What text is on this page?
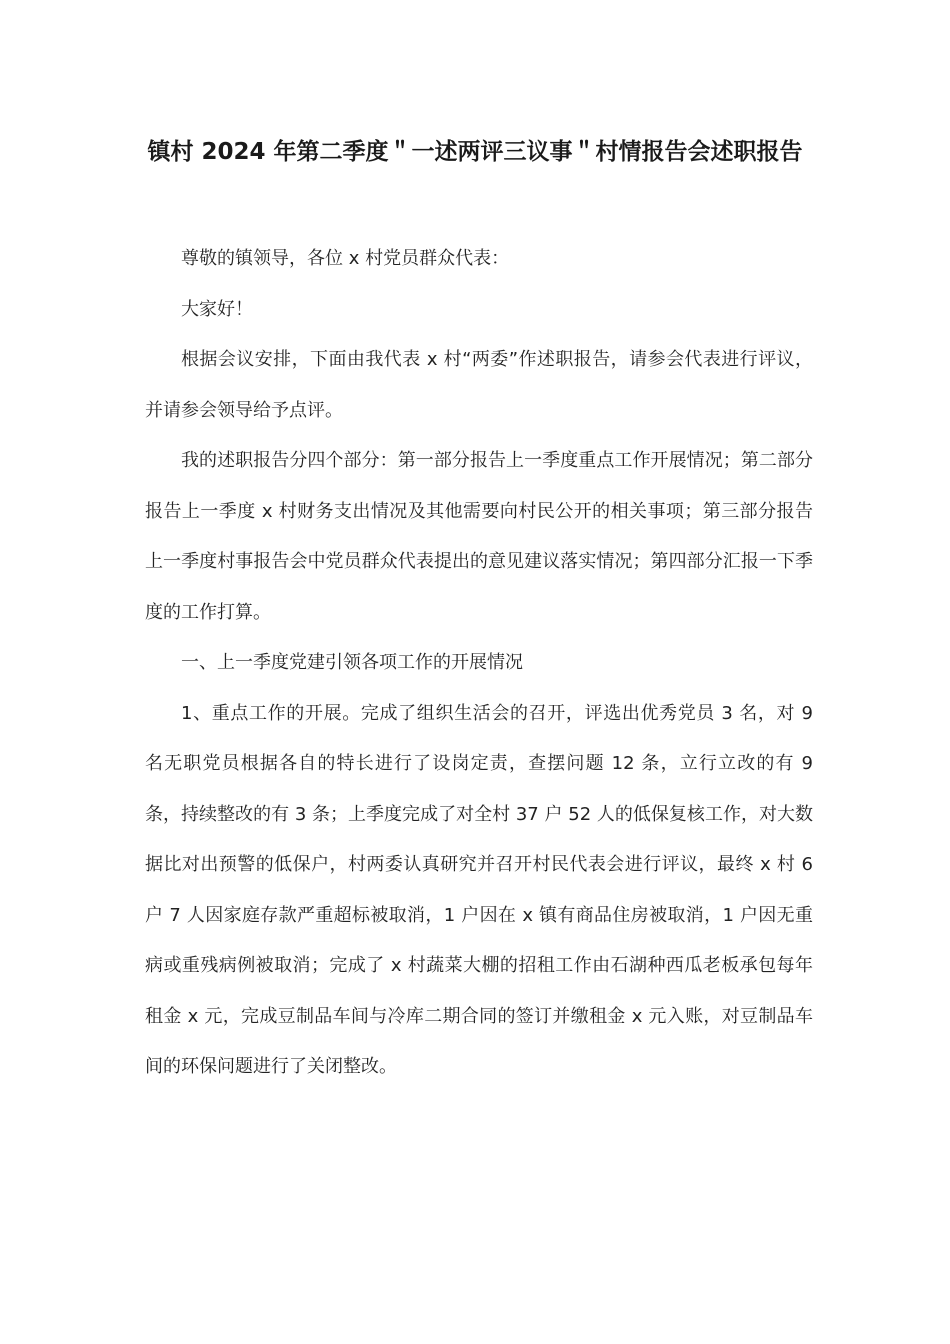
镇村 2024 年第二季度＂一述两评三议事＂村情报告会述职报告

尊敬的镇领导，各位 x 村党员群众代表：

大家好！

根据会议安排，下面由我代表 x 村“两委”作述职报告，请参会代表进行评议，并请参会领导给予点评。

我的述职报告分四个部分：第一部分报告上一季度重点工作开展情况；第二部分报告上一季度 x 村财务支出情况及其他需要向村民公开的相关事项；第三部分报告上一季度村事报告会中党员群众代表提出的意见建议落实情况；第四部分汇报一下季度的工作打算。

一、上一季度党建引领各项工作的开展情况

1、重点工作的开展。完成了组织生活会的召开，评选出优秀党员 3 名，对 9 名无职党员根据各自的特长进行了设岗定责，查摆问题 12 条，立行立改的有 9 条，持续整改的有 3 条；上季度完成了对全村 37 户 52 人的低保复核工作，对大数据比对出预警的低保户，村两委认真研究并召开村民代表会进行评议，最终 x 村 6 户 7 人因家庭存款严重超标被取消，1 户因在 x 镇有商品住房被取消，1 户因无重病或重残病例被取消；完成了 x 村蔬菜大棚的招租工作由石湖种西瓜老板承包每年租金 x 元，完成豆制品车间与冷库二期合同的签订并缴租金 x 元入账，对豆制品车间的环保问题进行了关闭整改。
